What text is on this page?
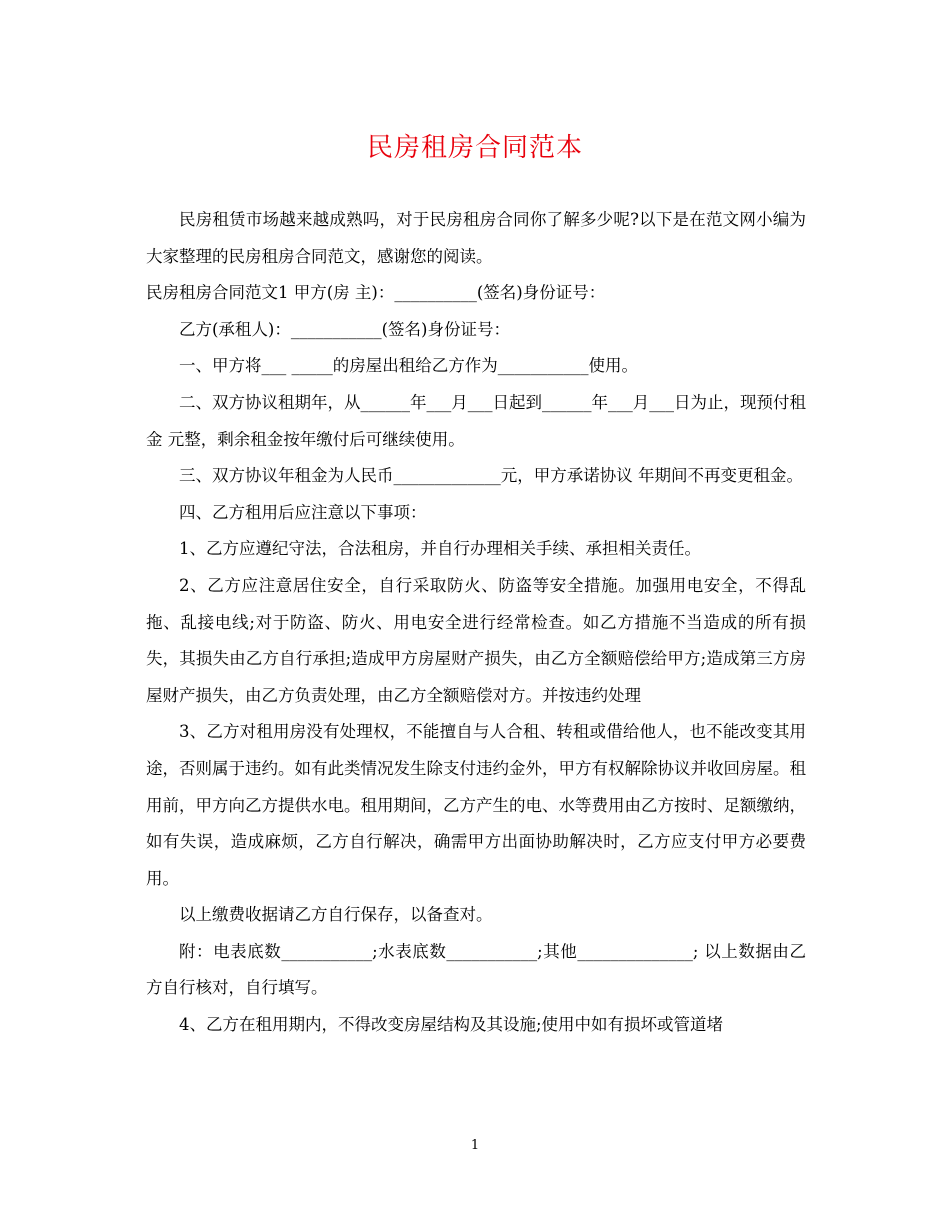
民房租房合同范本

民房租赁市场越来越成熟吗，对于民房租房合同你了解多少呢?以下是在范文网小编为大家整理的民房租房合同范文，感谢您的阅读。

民房租房合同范文1 甲方(房 主)：__________(签名)身份证号：

乙方(承租人)：___________(签名)身份证号：

一、甲方将___ _____的房屋出租给乙方作为___________使用。

二、双方协议租期年，从______年___月___日起到______年___月___日为止，现预付租金 元整，剩余租金按年缴付后可继续使用。

三、双方协议年租金为人民币_____________元，甲方承诺协议 年期间不再变更租金。

四、乙方租用后应注意以下事项：

1、乙方应遵纪守法，合法租房，并自行办理相关手续、承担相关责任。

2、乙方应注意居住安全，自行采取防火、防盗等安全措施。加强用电安全，不得乱拖、乱接电线;对于防盗、防火、用电安全进行经常检查。如乙方措施不当造成的所有损失，其损失由乙方自行承担;造成甲方房屋财产损失，由乙方全额赔偿给甲方;造成第三方房屋财产损失，由乙方负责处理，由乙方全额赔偿对方。并按违约处理

3、乙方对租用房没有处理权，不能擅自与人合租、转租或借给他人，也不能改变其用途，否则属于违约。如有此类情况发生除支付违约金外，甲方有权解除协议并收回房屋。租用前，甲方向乙方提供水电。租用期间，乙方产生的电、水等费用由乙方按时、足额缴纳，如有失误，造成麻烦，乙方自行解决，确需甲方出面协助解决时，乙方应支付甲方必要费用。

以上缴费收据请乙方自行保存，以备查对。

附：电表底数___________;水表底数___________;其他______________; 以上数据由乙方自行核对，自行填写。

4、乙方在租用期内，不得改变房屋结构及其设施;使用中如有损坏或管道堵

1
